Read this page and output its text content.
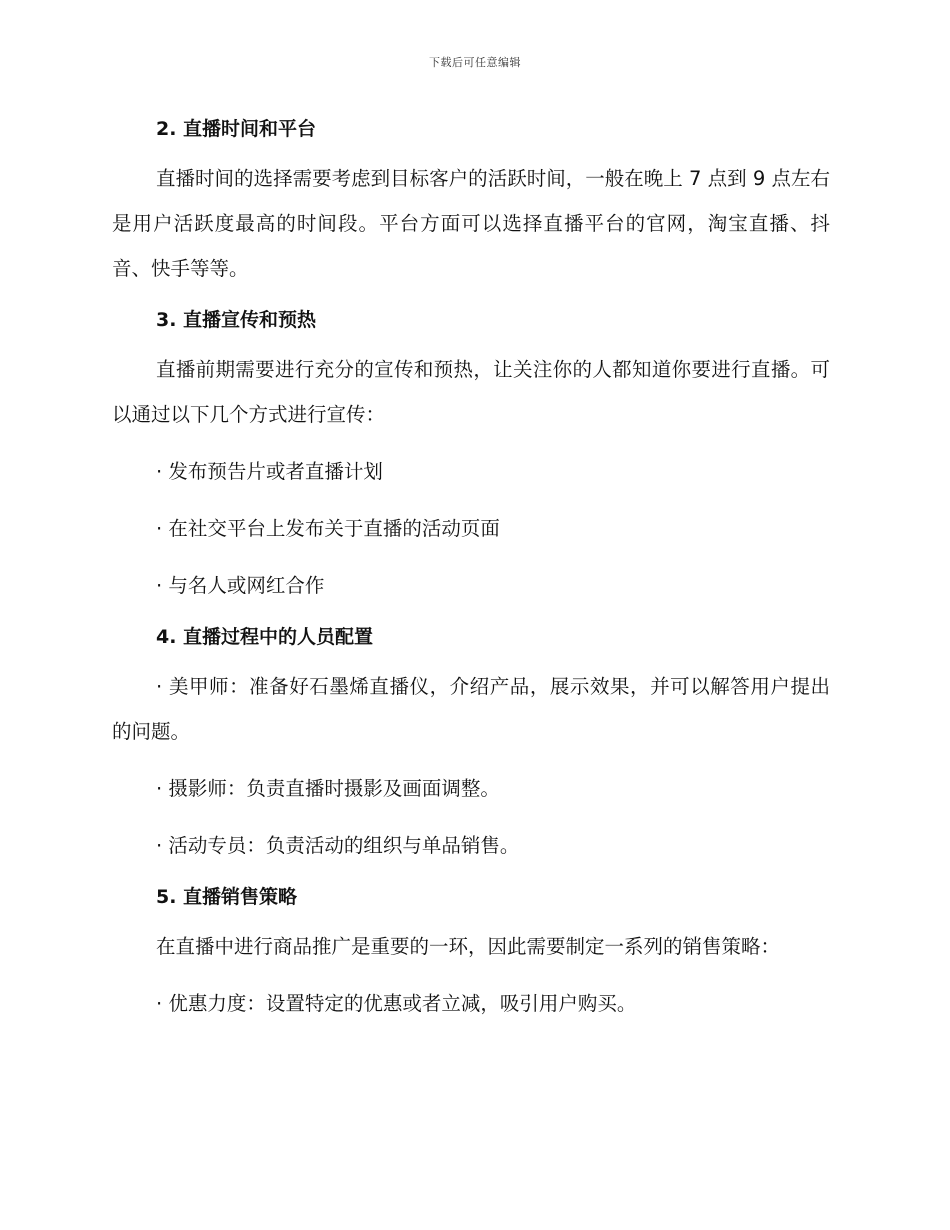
下载后可任意编辑
2. 直播时间和平台

直播时间的选择需要考虑到目标客户的活跃时间，一般在晚上 7 点到 9 点左右是用户活跃度最高的时间段。平台方面可以选择直播平台的官网，淘宝直播、抖音、快手等等。

3. 直播宣传和预热

直播前期需要进行充分的宣传和预热，让关注你的人都知道你要进行直播。可以通过以下几个方式进行宣传：

· 发布预告片或者直播计划

· 在社交平台上发布关于直播的活动页面

· 与名人或网红合作

4. 直播过程中的人员配置

· 美甲师：准备好石墨烯直播仪，介绍产品，展示效果，并可以解答用户提出的问题。

· 摄影师：负责直播时摄影及画面调整。

· 活动专员：负责活动的组织与单品销售。

5. 直播销售策略

在直播中进行商品推广是重要的一环，因此需要制定一系列的销售策略：

· 优惠力度：设置特定的优惠或者立减，吸引用户购买。
